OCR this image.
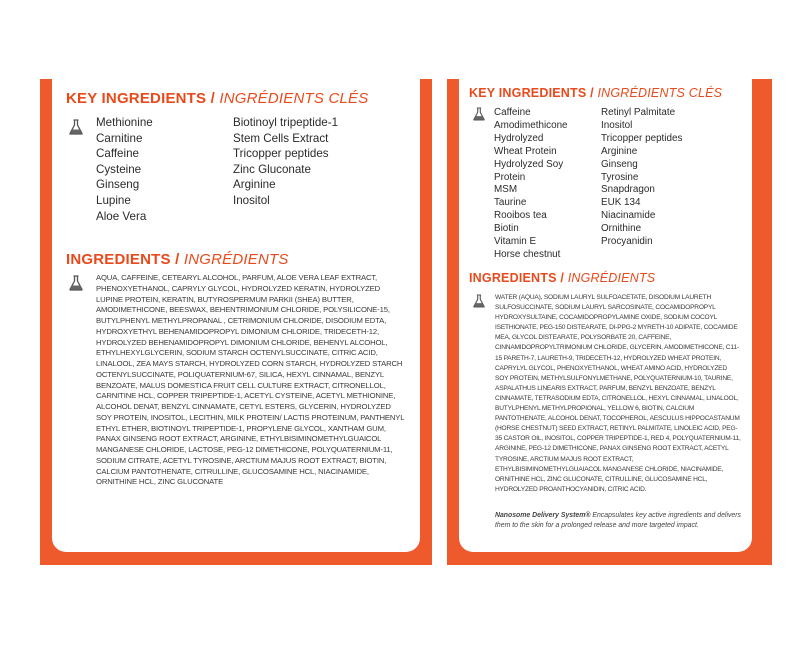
KEY INGREDIENTS / INGRÉDIENTS CLÉS
Methionine
Carnitine
Caffeine
Cysteine
Ginseng
Lupine
Aloe Vera
Biotinoyl tripeptide-1
Stem Cells Extract
Tricopper peptides
Zinc Gluconate
Arginine
Inositol
INGREDIENTS / INGRÉDIENTS
AQUA, CAFFEINE, CETEARYL ALCOHOL, PARFUM, ALOE VERA LEAF EXTRACT, PHENOXYETHANOL, CAPRYLY GLYCOL, HYDROLYZED KERATIN, HYDROLYZED LUPINE PROTEIN, KERATIN, BUTYROSPERMUM PARKII (SHEA) BUTTER, AMODIMETHICONE, BEESWAX, BEHENTRIMONIUM CHLORIDE, POLYSILICONE-15, BUTYLPHENYL METHYLPROPANAL , CETRIMONIUM CHLORIDE, DISODIUM EDTA, HYDROXYETHYL BEHENAMIDOPROPYL DIMONIUM CHLORIDE, TRIDECETH-12, HYDROLYZED BEHENAMIDOPROPYL DIMONIUM CHLORIDE, BEHENYL ALCOHOL, ETHYLHEXYLGLYCERIN, SODIUM STARCH OCTENYLSUCCINATE, CITRIC ACID, LINALOOL, ZEA MAYS STARCH, HYDROLYZED CORN STARCH, HYDROLYZED STARCH OCTENYLSUCCINATE, POLIQUATERNIUM-67, SILICA, HEXYL CINNAMAL, BENZYL BENZOATE, MALUS DOMESTICA FRUIT CELL CULTURE EXTRACT, CITRONELLOL, CARNITINE HCL, COPPER TRIPEPTIDE-1, ACETYL CYSTEINE, ACETYL METHIONINE, ALCOHOL DENAT, BENZYL CINNAMATE, CETYL ESTERS, GLYCERIN, HYDROLYZED SOY PROTEIN, INOSITOL, LECITHIN, MILK PROTEIN/ LACTIS PROTEINUM, PANTHENYL ETHYL ETHER, BIOTINOYL TRIPEPTIDE-1, PROPYLENE GLYCOL, XANTHAM GUM, PANAX GINSENG ROOT EXTRACT, ARGININE, ETHYLBISIMINOMETHYLGUAICOL MANGANESE CHLORIDE, LACTOSE, PEG-12 DIMETHICONE, POLYQUATERNIUM-11, SODIUM CITRATE, ACETYL TYROSINE, ARCTIUM MAJUS ROOT EXTRACT, BIOTIN, CALCIUM PANTOTHENATE, CITRULLINE, GLUCOSAMINE HCL, NIACINAMIDE, ORNITHINE HCL, ZINC GLUCONATE
KEY INGREDIENTS / INGRÉDIENTS CLÉS
Caffeine
Amodimethicone
Hydrolyzed
Wheat Protein
Hydrolyzed Soy
Protein
MSM
Taurine
Rooibos tea
Biotin
Vitamin E
Horse chestnut
Retinyl Palmitate
Inositol
Tricopper peptides
Arginine
Ginseng
Tyrosine
Snapdragon
EUK 134
Niacinamide
Ornithine
Procyanidin
INGREDIENTS / INGRÉDIENTS
WATER (AQUA), SODIUM LAURYL SULFOACETATE, DISODIUM LAURETH SULFOSUCCINATE, SODIUM LAURYL SARCOSINATE, COCAMIDOPROPYL HYDROXYSULTAINE, COCAMIDOPROPYLAMINE OXIDE, SODIUM COCOYL ISETHIONATE, PEG-150 DISTEARATE, DI-PPG-2 MYRETH-10 ADIPATE, COCAMIDE MEA, GLYCOL DISTEARATE, POLYSORBATE 20, CAFFEINE, CINNAMIDOPROPYLTRIMONIUM CHLORIDE, GLYCERIN, AMODIMETHICONE, C11-15 PARETH-7, LAURETH-9, TRIDECETH-12, HYDROLYZED WHEAT PROTEIN, CAPRYLYL GLYCOL, PHENOXYETHANOL, WHEAT AMINO ACID, HYDROLYZED SOY PROTEIN, METHYLSULFONYLMETHANE, POLYQUATERNIUM-10, TAURINE, ASPALATHUS LINEARIS EXTRACT, PARFUM, BENZYL BENZOATE, BENZYL CINNAMATE, TETRASODIUM EDTA, CITRONELLOL, HEXYL CINNAMAL, LINALOOL, BUTYLPHENYL METHYLPROPIONAL, YELLOW 6, BIOTIN, CALCIUM PANTOTHENATE, ALCOHOL DENAT, TOCOPHEROL, AESCULUS HIPPOCASTANUM (HORSE CHESTNUT) SEED EXTRACT, RETINYL PALMITATE, LINOLEIC ACID, PEG-35 CASTOR OIL, INOSITOL, COPPER TRIPEPTIDE-1, RED 4, POLYQUATERNIUM-11, ARGININE, PEG-12 DIMETHICONE, PANAX GINSENG ROOT EXTRACT, ACETYL TYROSINE, ARCTIUM MAJUS ROOT EXTRACT, ETHYLBISIMINOMETHYLGUAIACOL MANGANESE CHLORIDE, NIACINAMIDE, ORNITHINE HCL, ZINC GLUCONATE, CITRULLINE, GLUCOSAMINE HCL, HYDROLYZED PROANTHOCYANIDIN, CITRIC ACID.
Nanosome Delivery System® Encapsulates key active ingredients and delivers them to the skin for a prolonged release and more targeted impact.
